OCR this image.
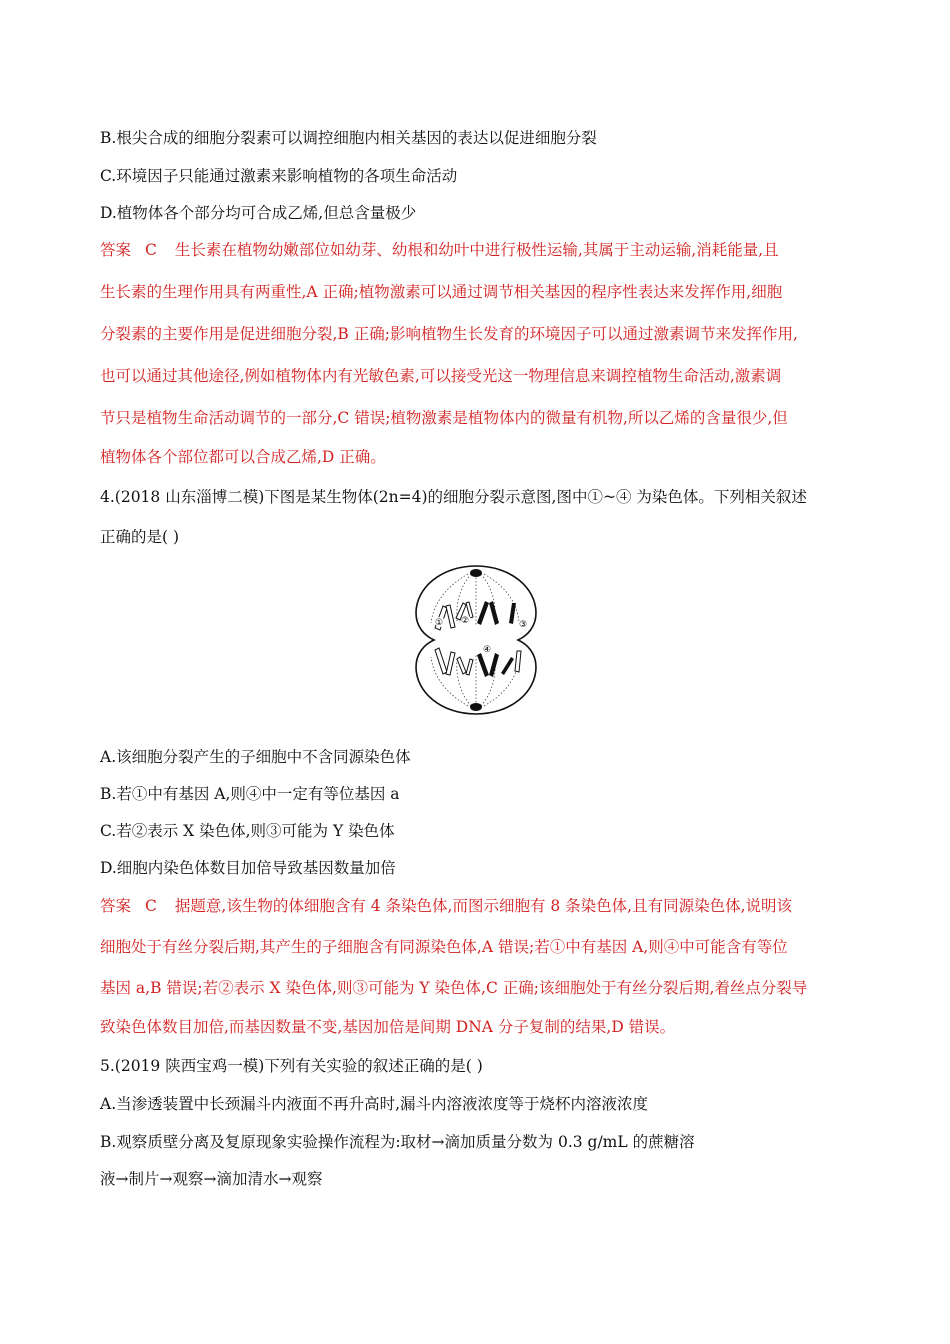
B.根尖合成的细胞分裂素可以调控细胞内相关基因的表达以促进细胞分裂
C.环境因子只能通过激素来影响植物的各项生命活动
D.植物体各个部分均可合成乙烯,但总含量极少
答案 C 生长素在植物幼嫩部位如幼芽、幼根和幼叶中进行极性运输,其属于主动运输,消耗能量,且
生长素的生理作用具有两重性,A 正确;植物激素可以通过调节相关基因的程序性表达来发挥作用,细胞
分裂素的主要作用是促进细胞分裂,B 正确;影响植物生长发育的环境因子可以通过激素调节来发挥作用,
也可以通过其他途径,例如植物体内有光敏色素,可以接受光这一物理信息来调控植物生命活动,激素调
节只是植物生命活动调节的一部分,C 错误;植物激素是植物体内的微量有机物,所以乙烯的含量很少,但
植物体各个部位都可以合成乙烯,D 正确。
4.(2018 山东淄博二模)下图是某生物体(2n=4)的细胞分裂示意图,图中①~④ 为染色体。下列相关叙述
正确的是( )
① ②	③
④
A.该细胞分裂产生的子细胞中不含同源染色体
B.若①中有基因 A,则④中一定有等位基因 a
C.若②表示 X 染色体,则③可能为 Y 染色体
D.细胞内染色体数目加倍导致基因数量加倍
答案 C 据题意,该生物的体细胞含有 4 条染色体,而图示细胞有 8 条染色体,且有同源染色体,说明该
细胞处于有丝分裂后期,其产生的子细胞含有同源染色体,A 错误;若①中有基因 A,则④中可能含有等位
基因 a,B 错误;若②表示 X 染色体,则③可能为 Y 染色体,C 正确;该细胞处于有丝分裂后期,着丝点分裂导
致染色体数目加倍,而基因数量不变,基因加倍是间期 DNA 分子复制的结果,D 错误。
5.(2019 陕西宝鸡一模)下列有关实验的叙述正确的是( )
A.当渗透装置中长颈漏斗内液面不再升高时,漏斗内溶液浓度等于烧杯内溶液浓度
B.观察质壁分离及复原现象实验操作流程为:取材→滴加质量分数为 0.3 g/mL 的蔗糖溶
液→制片→观察→滴加清水→观察
